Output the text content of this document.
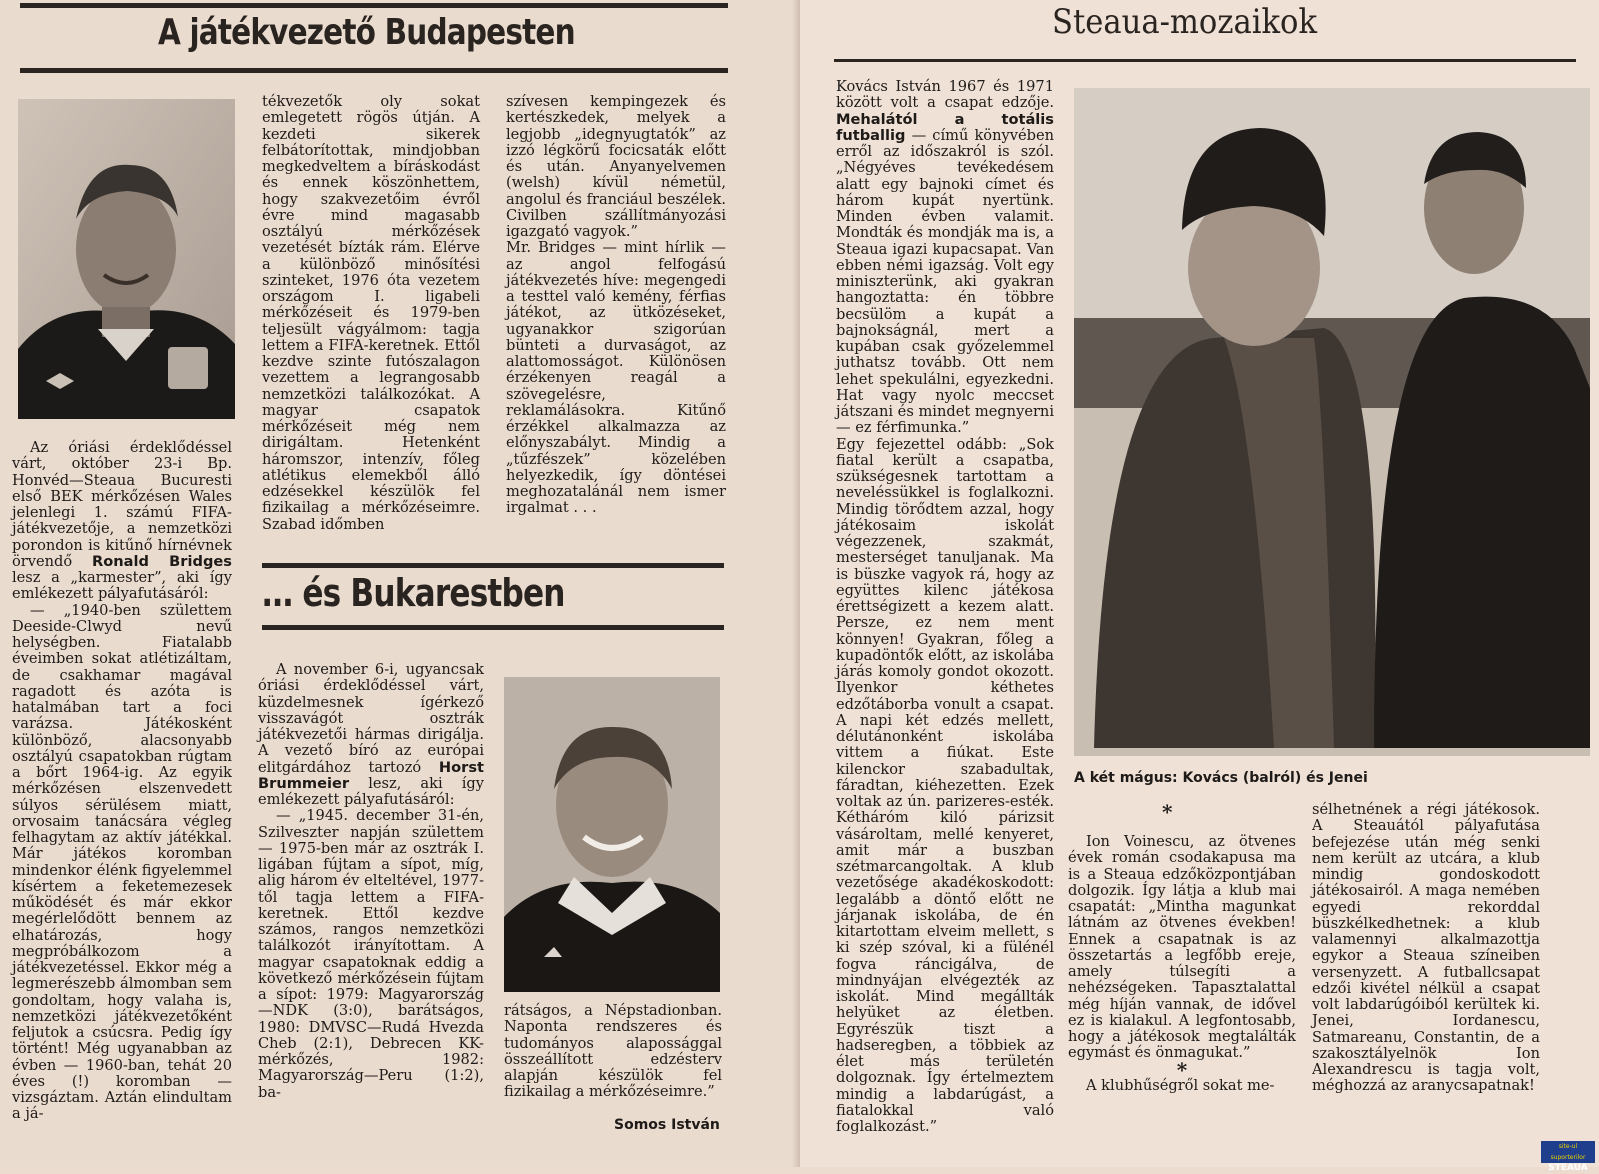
A játékvezető Budapesten

Az óriási érdeklődéssel várt, október 23-i Bp. Honvéd—Steaua Bucuresti első BEK mérkőzésen Wales jelenlegi 1. számú FIFA-játékvezetője, a nemzetközi porondon is kitűnő hírnévnek örvendő Ronald Bridges lesz a „karmester”, aki így emlékezett pályafutásáról:

— „1940-ben születtem Deeside-Clwyd nevű helységben. Fiatalabb éveimben sokat atlétizáltam, de csakhamar magával ragadott és azóta is hatalmában tart a foci varázsa. Játékosként különböző, alacsonyabb osztályú csapatokban rúgtam a bőrt 1964-ig. Az egyik mérkőzésen elszenvedett súlyos sérülésem miatt, orvosaim tanácsára végleg felhagytam az aktív játékkal. Már játékos koromban mindenkor élénk figyelemmel kísértem a feketemezesek működését és már ekkor megérlelődött bennem az elhatározás, hogy megpróbálkozom a játékvezetéssel. Ekkor még a legmerészebb álmomban sem gondoltam, hogy valaha is, nemzetközi játékvezetőként feljutok a csúcsra. Pedig így történt! Még ugyanabban az évben — 1960-ban, tehát 20 éves (!) koromban — vizsgáztam. Aztán elindultam a já-

tékvezetők oly sokat emlegetett rögös útján. A kezdeti sikerek felbátorítottak, mindjobban megkedveltem a bíráskodást és ennek köszönhettem, hogy szakvezetőim évről évre mind magasabb osztályú mérkőzések vezetését bízták rám. Elérve a különböző minősítési szinteket, 1976 óta vezetem országom I. ligabeli mérkőzéseit és 1979-ben teljesült vágyálmom: tagja lettem a FIFA-keretnek. Ettől kezdve szinte futószalagon vezettem a legrangosabb nemzetközi találkozókat. A magyar csapatok mérkőzéseit még nem dirigáltam. Hetenként háromszor, intenzív, főleg atlétikus elemekből álló edzésekkel készülök fel fizikailag a mérkőzéseimre. Szabad időmben

szívesen kempingezek és kertészkedek, melyek a legjobb „idegnyugtatók” az izzó légkörű focicsaták előtt és után. Anyanyelvemen (welsh) kívül németül, angolul és franciául beszélek. Civilben szállítmányozási igazgató vagyok.”

Mr. Bridges — mint hírlik — az angol felfogású játékvezetés híve: megengedi a testtel való kemény, férfias játékot, az ütközéseket, ugyanakkor szigorúan bünteti a durvaságot, az alattomosságot. Különösen érzékenyen reagál a szövegelésre, reklamálásokra. Kitűnő érzékkel alkalmazza az előnyszabályt. Mindig a „tűzfészek” közelében helyezkedik, így döntései meghozatalánál nem ismer irgalmat . . .

… és Bukarestben

A november 6-i, ugyancsak óriási érdeklődéssel várt, küzdelmesnek ígérkező visszavágót osztrák játékvezetői hármas dirigálja. A vezető bíró az európai elitgárdához tartozó Horst Brummeier lesz, aki így emlékezett pályafutásáról:

— „1945. december 31-én, Szilveszter napján születtem — 1975-ben már az osztrák I. ligában fújtam a sípot, míg, alig három év elteltével, 1977-től tagja lettem a FIFA-keretnek. Ettől kezdve számos, rangos nemzetközi találkozót irányítottam. A magyar csapatoknak eddig a következő mérkőzésein fújtam a sípot: 1979: Magyarország—NDK (3:0), barátságos, 1980: DMVSC—Rudá Hvezda Cheb (2:1), Debrecen KK-mérkőzés, 1982: Magyarország—Peru (1:2), ba-

rátságos, a Népstadionban. Naponta rendszeres és tudományos alapossággal összeállított edzésterv alapján készülök fel fizikailag a mérkőzéseimre.”
Somos István
Steaua-mozaikok

Kovács István 1967 és 1971 között volt a csapat edzője. Mehalától a totális futballig — című könyvében erről az időszakról is szól. „Négyéves tevékedésem alatt egy bajnoki címet és három kupát nyertünk. Minden évben valamit. Mondták és mondják ma is, a Steaua igazi kupacsapat. Van ebben némi igazság. Volt egy miniszterünk, aki gyakran hangoztatta: én többre becsülöm a kupát a bajnokságnál, mert a kupában csak győzelemmel juthatsz tovább. Ott nem lehet spekulálni, egyezkedni. Hat vagy nyolc meccset játszani és mindet megnyerni — ez férfimunka.”

Egy fejezettel odább: „Sok fiatal került a csapatba, szükségesnek tartottam a neveléssükkel is foglalkozni. Mindig törődtem azzal, hogy játékosaim iskolát végezzenek, szakmát, mesterséget tanuljanak. Ma is büszke vagyok rá, hogy az együttes kilenc játékosa érettségizett a kezem alatt. Persze, ez nem ment könnyen! Gyakran, főleg a kupadöntők előtt, az iskolába járás komoly gondot okozott. Ilyenkor kéthetes edzőtáborba vonult a csapat. A napi két edzés mellett, délutánonként iskolába vittem a fiúkat. Este kilenckor szabadultak, fáradtan, kiéhezetten. Ezek voltak az ún. parizeres-esték. Kétháróm kiló párizsit vásároltam, mellé kenyeret, amit már a buszban szétmarcangoltak. A klub vezetősége akadékoskodott: legalább a döntő előtt ne járjanak iskolába, de én kitartottam elveim mellett, s ki szép szóval, ki a fülénél fogva ráncigálva, de mindnyájan elvégezték az iskolát. Mind megállták helyüket az életben. Egyrészük tiszt a hadseregben, a többiek az élet más területén dolgoznak. Így értelmeztem mindig a labdarúgást, a fiatalokkal való foglalkozást.”

A két mágus: Kovács (balról) és Jenei
*

Ion Voinescu, az ötvenes évek román csodakapusa ma is a Steaua edzőközpontjában dolgozik. Így látja a klub mai csapatát: „Mintha magunkat látnám az ötvenes években! Ennek a csapatnak is az összetartás a legfőbb ereje, amely túlsegíti a nehézségeken. Tapasztalattal még híján vannak, de idővel ez is kialakul. A legfontosabb, hogy a játékosok megtalálták egymást és önmagukat.”

*

A klubhűségről sokat me-

sélhetnének a régi játékosok. A Steauától pályafutása befejezése után még senki nem került az utcára, a klub mindig gondoskodott játékosairól. A maga nemében egyedi rekorddal büszkélkedhetnek: a klub valamennyi alkalmazottja egykor a Steaua színeiben versenyzett. A futballcsapat edzői kivétel nélkül a csapat volt labdarúgóiból kerültek ki. Jenei, Iordanescu, Satmareanu, Constantin, de a szakosztályelnök Ion Alexandrescu is tagja volt, méghozzá az aranycsapatnak!
site-ul suporterilor
STEAUA
